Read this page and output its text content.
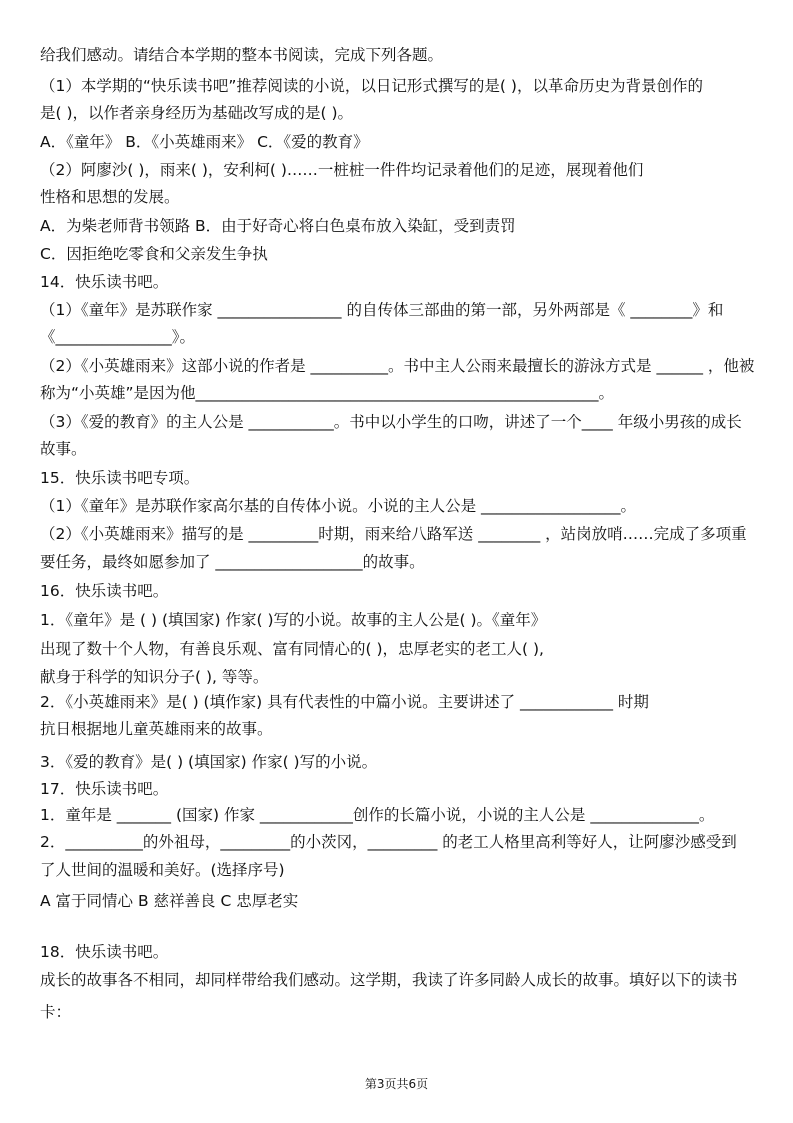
给我们感动。请结合本学期的整本书阅读，完成下列各题。
（1）本学期的“快乐读书吧”推荐阅读的小说，以日记形式撰写的是( )，以革命历史为背景创作的
是( )，以作者亲身经历为基础改写成的是( )。
A．《童年》 B．《小英雄雨来》 C．《爱的教育》
（2）阿廖沙( )，雨来( )，安利柯( )……一桩桩一件件均记录着他们的足迹，展现着他们
性格和思想的发展。
A．为柴老师背书领路 B．由于好奇心将白色桌布放入染缸，受到责罚
C．因拒绝吃零食和父亲发生争执
14．快乐读书吧。
（1）《童年》是苏联作家 ________________ 的自传体三部曲的第一部，另外两部是《 ________》和
《_______________》。
（2）《小英雄雨来》这部小说的作者是 __________。书中主人公雨来最擅长的游泳方式是 ______ ，他被
称为“小英雄”是因为他____________________________________________________。
（3）《爱的教育》的主人公是 ___________。书中以小学生的口吻，讲述了一个____ 年级小男孩的成长
故事。
15．快乐读书吧专项。
（1）《童年》是苏联作家高尔基的自传体小说。小说的主人公是 __________________。
（2）《小英雄雨来》描写的是 _________时期，雨来给八路军送 ________ ，站岗放哨……完成了多项重
要任务，最终如愿参加了 ___________________的故事。
16．快乐读书吧。
1．《童年》是 ( ) (填国家) 作家( )写的小说。故事的主人公是( )。《童年》
出现了数十个人物，有善良乐观、富有同情心的( )，忠厚老实的老工人( ),
献身于科学的知识分子( ), 等等。
2．《小英雄雨来》是( ) (填作家) 具有代表性的中篇小说。主要讲述了 ____________ 时期
抗日根据地儿童英雄雨来的故事。
3．《爱的教育》是( ) (填国家) 作家( )写的小说。
17．快乐读书吧。
1．童年是 _______ (国家) 作家 ____________创作的长篇小说，小说的主人公是 ______________。
2．__________的外祖母，_________的小茨冈，_________ 的老工人格里高利等好人，让阿廖沙感受到
了人世间的温暖和美好。(选择序号)
A 富于同情心 B 慈祥善良 C 忠厚老实
18．快乐读书吧。
成长的故事各不相同，却同样带给我们感动。这学期，我读了许多同龄人成长的故事。填好以下的读书
卡：
第3页共6页
